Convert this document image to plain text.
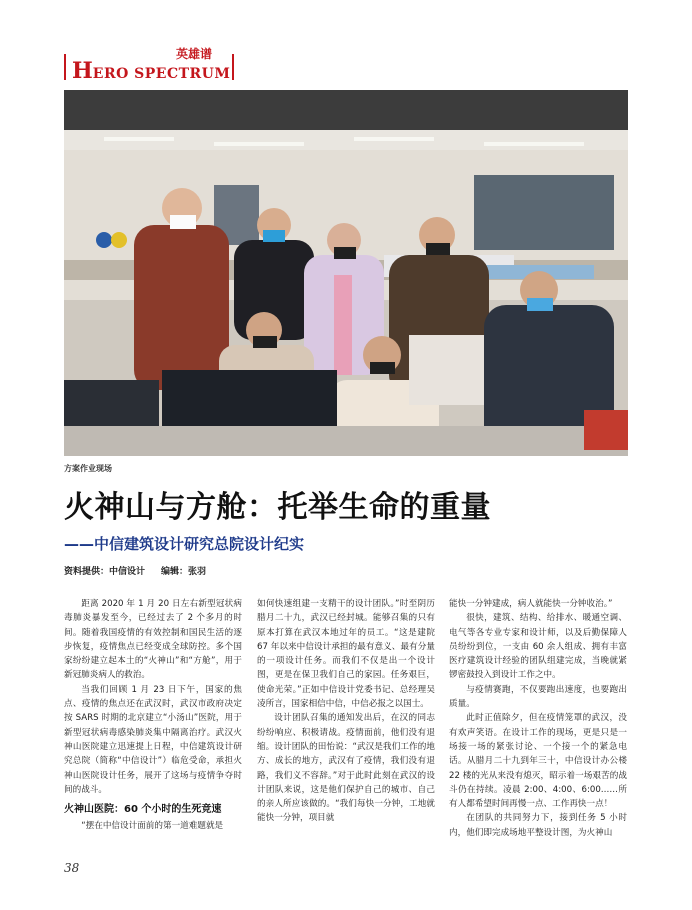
英雄谱
HERO SPECTRUM
方案作业现场
火神山与方舱：托举生命的重量
——中信建筑设计研究总院设计纪实
资料提供：中信设计 编辑：张羽

距离 2020 年 1 月 20 日左右新型冠状病毒肺炎暴发至今，已经过去了 2 个多月的时间。随着我国疫情的有效控制和国民生活的逐步恢复，疫情焦点已经变成全球防控。多个国家纷纷建立起本土的“火神山”和“方舱”，用于新冠肺炎病人的救治。

当我们回顾 1 月 23 日下午，国家的焦点、疫情的焦点还在武汉时，武汉市政府决定按 SARS 时期的北京建立“小汤山”医院，用于新型冠状病毒感染肺炎集中隔离治疗。武汉火神山医院建立迅速提上日程，中信建筑设计研究总院（简称“中信设计”）临危受命，承担火神山医院设计任务，展开了这场与疫情争夺时间的战斗。

火神山医院：60 个小时的生死竞速

“摆在中信设计面前的第一道难题就是

如何快速组建一支精干的设计团队。”时至阴历腊月二十九，武汉已经封城。能够召集的只有原本打算在武汉本地过年的员工。“这是建院 67 年以来中信设计承担的最有意义、最有分量的一项设计任务。而我们不仅是出一个设计图，更是在保卫我们自己的家园。任务艰巨，使命光荣。”正如中信设计党委书记、总经理吴凌所言，国家相信中信，中信必报之以国士。

设计团队召集的通知发出后，在汉的同志纷纷响应、积极请战。疫情面前，他们没有退缩。设计团队的田怡说：“武汉是我们工作的地方、成长的地方，武汉有了疫情，我们没有退路，我们义不容辞。”对于此时此刻在武汉的设计团队来说，这是他们保护自己的城市、自己的亲人所应该做的。“我们每快一分钟，工地就能快一分钟，项目就

能快一分钟建成，病人就能快一分钟收治。”

很快，建筑、结构、给排水、暖通空调、电气等各专业专家和设计师，以及后勤保障人员纷纷到位，一支由 60 余人组成、拥有丰富医疗建筑设计经验的团队组建完成，当晚就紧锣密鼓投入到设计工作之中。

与疫情赛跑，不仅要跑出速度，也要跑出质量。

此时正值除夕，但在疫情笼罩的武汉，没有欢声笑语。在设计工作的现场，更是只是一场接一场的紧张讨论、一个接一个的紧急电话。从腊月二十九到年三十，中信设计办公楼 22 楼的光从来没有熄灭，昭示着一场艰苦的战斗仍在持续。凌晨 2:00、4:00、6:00……所有人都希望时间再慢一点、工作再快一点！

在团队的共同努力下，接到任务 5 小时内，他们即完成场地平整设计图，为火神山

38
